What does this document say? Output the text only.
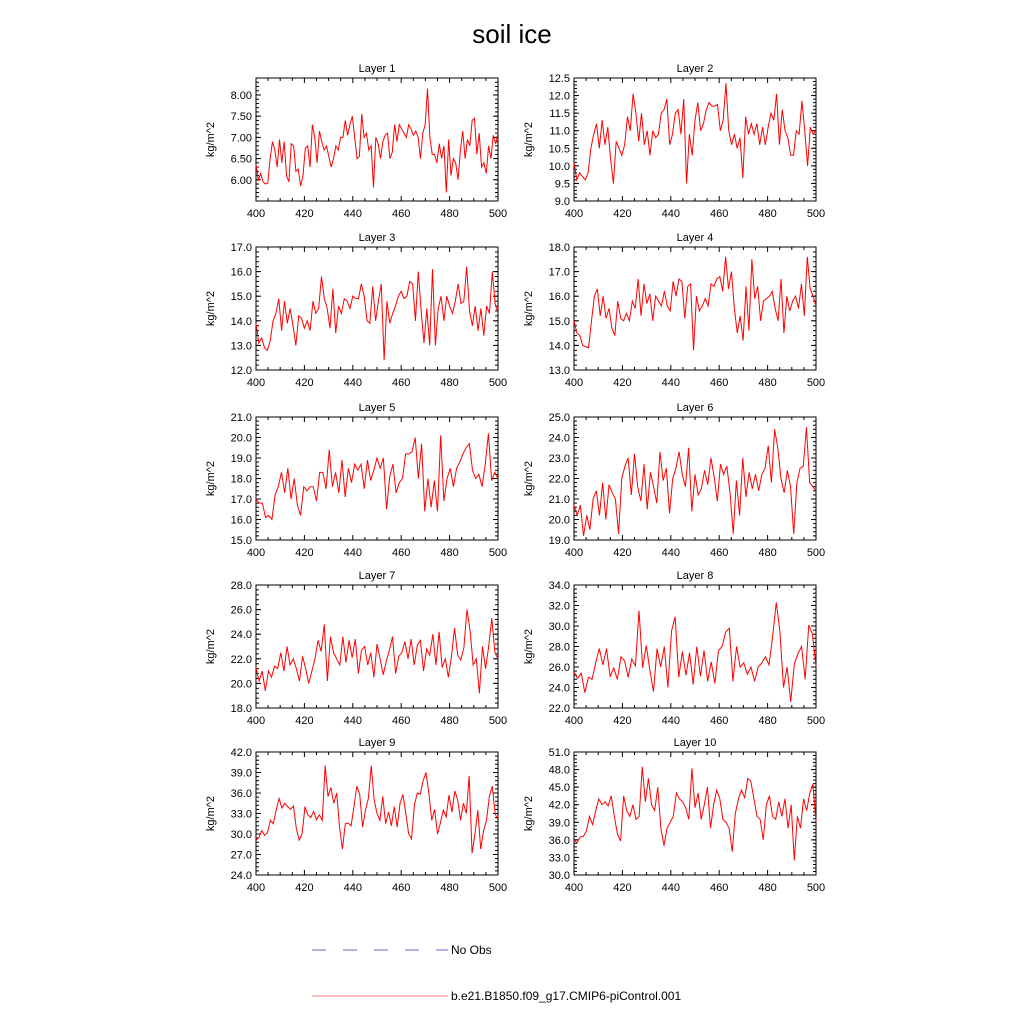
soil ice
Layer 1
400	420	440	460	480	500
6.00
6.50
7.00
7.50
8.00
kg/m^2
Layer 2
400	420	440	460	480	500
9.0
9.5
10.0
10.5
11.0
11.5
12.0
12.5
kg/m^2
Layer 3
400	420	440	460	480	500
12.0
13.0
14.0
15.0
16.0
17.0
kg/m^2
Layer 4
400	420	440	460	480	500
13.0
14.0
15.0
16.0
17.0
18.0
kg/m^2
Layer 5
400	420	440	460	480	500
15.0
16.0
17.0
18.0
19.0
20.0
21.0
kg/m^2
Layer 6
400	420	440	460	480	500
19.0
20.0
21.0
22.0
23.0
24.0
25.0
kg/m^2
Layer 7
400	420	440	460	480	500
18.0
20.0
22.0
24.0
26.0
28.0
kg/m^2
Layer 8
400	420	440	460	480	500
22.0
24.0
26.0
28.0
30.0
32.0
34.0
kg/m^2
Layer 9
400	420	440	460	480	500
24.0
27.0
30.0
33.0
36.0
39.0
42.0
kg/m^2
Layer 10
400	420	440	460	480	500
30.0
33.0
36.0
39.0
42.0
45.0
48.0
51.0
kg/m^2
No Obs
b.e21.B1850.f09_g17.CMIP6-piControl.001
